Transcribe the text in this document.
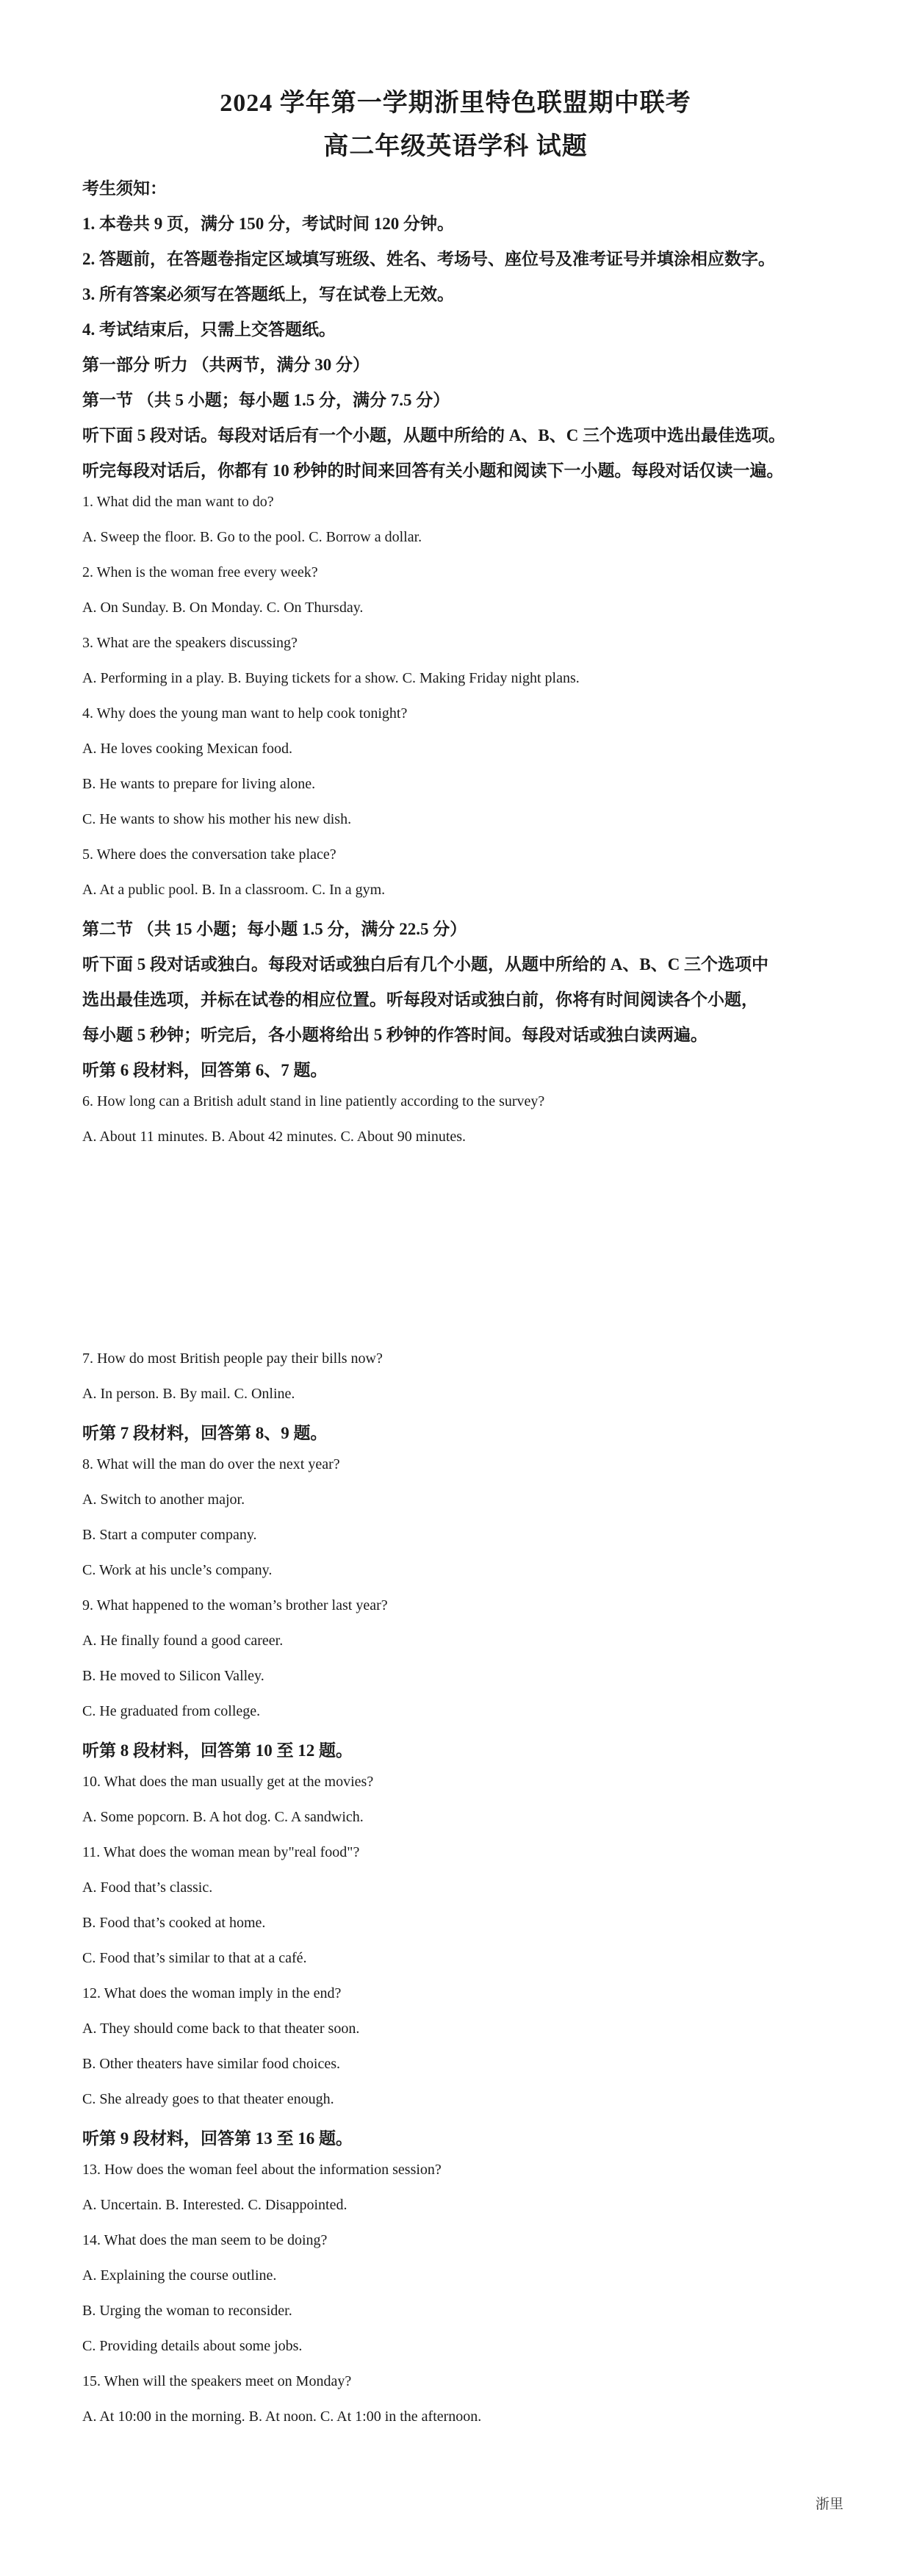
2024 学年第一学期浙里特色联盟期中联考
高二年级英语学科 试题
考生须知：
1. 本卷共 9 页，满分 150 分，考试时间 120 分钟。
2. 答题前，在答题卷指定区域填写班级、姓名、考场号、座位号及准考证号并填涂相应数字。
3. 所有答案必须写在答题纸上，写在试卷上无效。
4. 考试结束后，只需上交答题纸。
第一部分 听力 （共两节，满分 30 分）
第一节 （共 5 小题；每小题 1.5 分，满分 7.5 分）
听下面 5 段对话。每段对话后有一个小题，从题中所给的 A、B、C 三个选项中选出最佳选项。
听完每段对话后，你都有 10 秒钟的时间来回答有关小题和阅读下一小题。每段对话仅读一遍。
1. What did the man want to do?
A. Sweep the floor. B. Go to the pool. C. Borrow a dollar.
2. When is the woman free every week?
A. On Sunday. B. On Monday. C. On Thursday.
3. What are the speakers discussing?
A. Performing in a play. B. Buying tickets for a show. C. Making Friday night plans.
4. Why does the young man want to help cook tonight?
A. He loves cooking Mexican food.
B. He wants to prepare for living alone.
C. He wants to show his mother his new dish.
5. Where does the conversation take place?
A. At a public pool. B. In a classroom. C. In a gym.
第二节 （共 15 小题；每小题 1.5 分，满分 22.5 分）
听下面 5 段对话或独白。每段对话或独白后有几个小题，从题中所给的 A、B、C 三个选项中
选出最佳选项，并标在试卷的相应位置。听每段对话或独白前，你将有时间阅读各个小题，
每小题 5 秒钟；听完后，各小题将给出 5 秒钟的作答时间。每段对话或独白读两遍。
听第 6 段材料，回答第 6、7 题。
6. How long can a British adult stand in line patiently according to the survey?
A. About 11 minutes. B. About 42 minutes. C. About 90 minutes.
7. How do most British people pay their bills now?
A. In person. B. By mail. C. Online.
听第 7 段材料，回答第 8、9 题。
8. What will the man do over the next year?
A. Switch to another major.
B. Start a computer company.
C. Work at his uncle’s company.
9. What happened to the woman’s brother last year?
A. He finally found a good career.
B. He moved to Silicon Valley.
C. He graduated from college.
听第 8 段材料，回答第 10 至 12 题。
10. What does the man usually get at the movies?
A. Some popcorn. B. A hot dog. C. A sandwich.
11. What does the woman mean by"real food"?
A. Food that’s classic.
B. Food that’s cooked at home.
C. Food that’s similar to that at a café.
12. What does the woman imply in the end?
A. They should come back to that theater soon.
B. Other theaters have similar food choices.
C. She already goes to that theater enough.
听第 9 段材料，回答第 13 至 16 题。
13. How does the woman feel about the information session?
A. Uncertain. B. Interested. C. Disappointed.
14. What does the man seem to be doing?
A. Explaining the course outline.
B. Urging the woman to reconsider.
C. Providing details about some jobs.
15. When will the speakers meet on Monday?
A. At 10:00 in the morning. B. At noon. C. At 1:00 in the afternoon.
浙里
